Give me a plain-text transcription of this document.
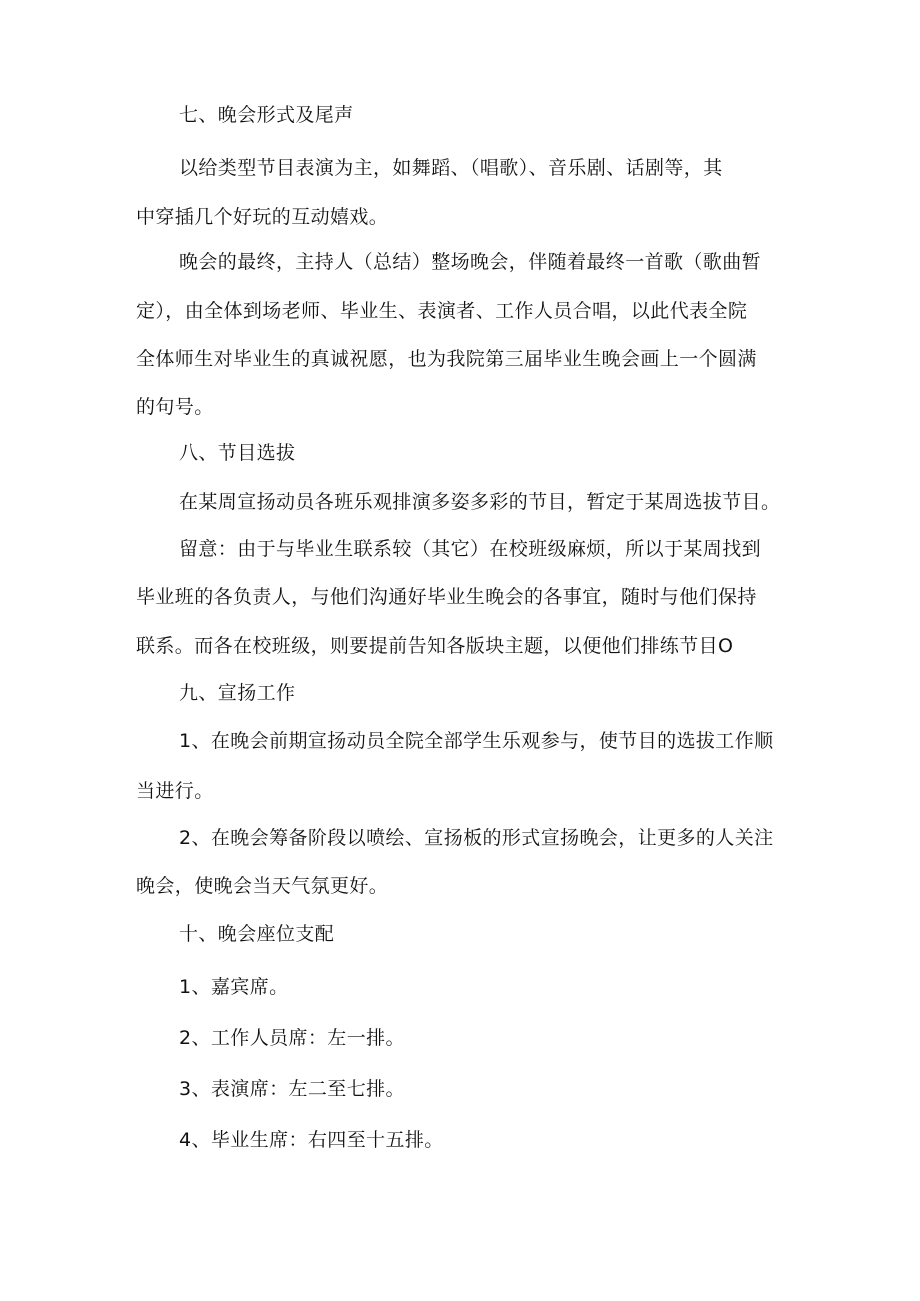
七、晚会形式及尾声
以给类型节目表演为主，如舞蹈、（唱歌）、音乐剧、话剧等，其
中穿插几个好玩的互动嬉戏。
晚会的最终，主持人（总结）整场晚会，伴随着最终一首歌（歌曲暂
定），由全体到场老师、毕业生、表演者、工作人员合唱，以此代表全院
全体师生对毕业生的真诚祝愿，也为我院第三届毕业生晚会画上一个圆满
的句号。
八、节目选拔
在某周宣扬动员各班乐观排演多姿多彩的节目，暂定于某周选拔节目。
留意：由于与毕业生联系较（其它）在校班级麻烦，所以于某周找到
毕业班的各负责人，与他们沟通好毕业生晚会的各事宜，随时与他们保持
联系。而各在校班级，则要提前告知各版块主题，以便他们排练节目O
九、宣扬工作
1、在晚会前期宣扬动员全院全部学生乐观参与，使节目的选拔工作顺
当进行。
2、在晚会筹备阶段以喷绘、宣扬板的形式宣扬晚会，让更多的人关注
晚会，使晚会当天气氛更好。
十、晚会座位支配
1、嘉宾席。
2、工作人员席：左一排。
3、表演席：左二至七排。
4、毕业生席：右四至十五排。
